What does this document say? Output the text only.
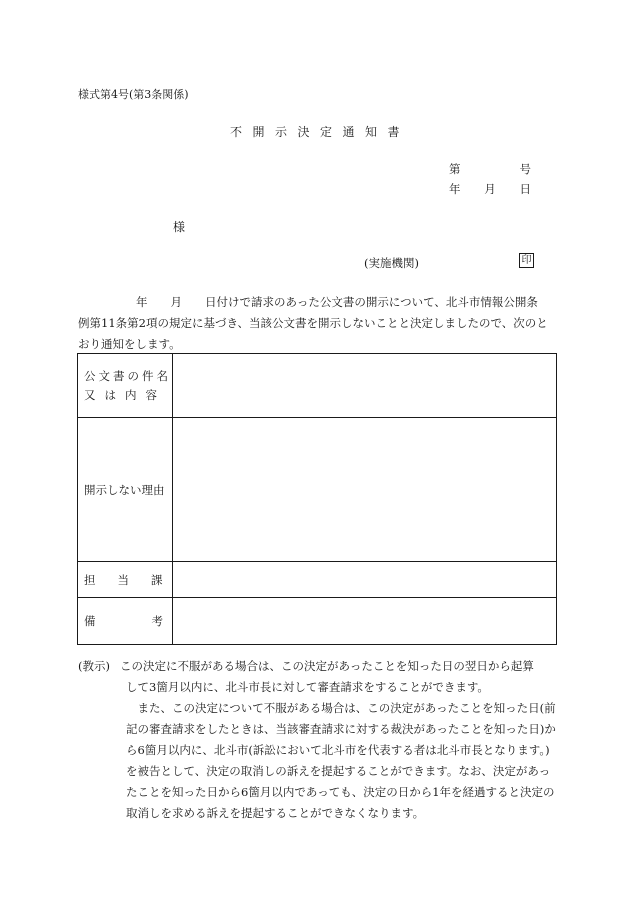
様式第4号(第3条関係)
不開示決定通知書
第	号
年 月 日
様
(実施機関)	印
年　　月　　日付けで請求のあった公文書の開示について、北斗市情報公開条
例第11条第2項の規定に基づき、当該公文書を開示しないことと決定しましたので、次のと
おり通知をします。
公文書の件名
又は内容
開示しない理由
担当課
備考
(教示) この決定に不服がある場合は、この決定があったことを知った日の翌日から起算
して3箇月以内に、北斗市長に対して審査請求をすることができます。
　また、この決定について不服がある場合は、この決定があったことを知った日(前
記の審査請求をしたときは、当該審査請求に対する裁決があったことを知った日)か
ら6箇月以内に、北斗市(訴訟において北斗市を代表する者は北斗市長となります。)
を被告として、決定の取消しの訴えを提起することができます。なお、決定があっ
たことを知った日から6箇月以内であっても、決定の日から1年を経過すると決定の
取消しを求める訴えを提起することができなくなります。
